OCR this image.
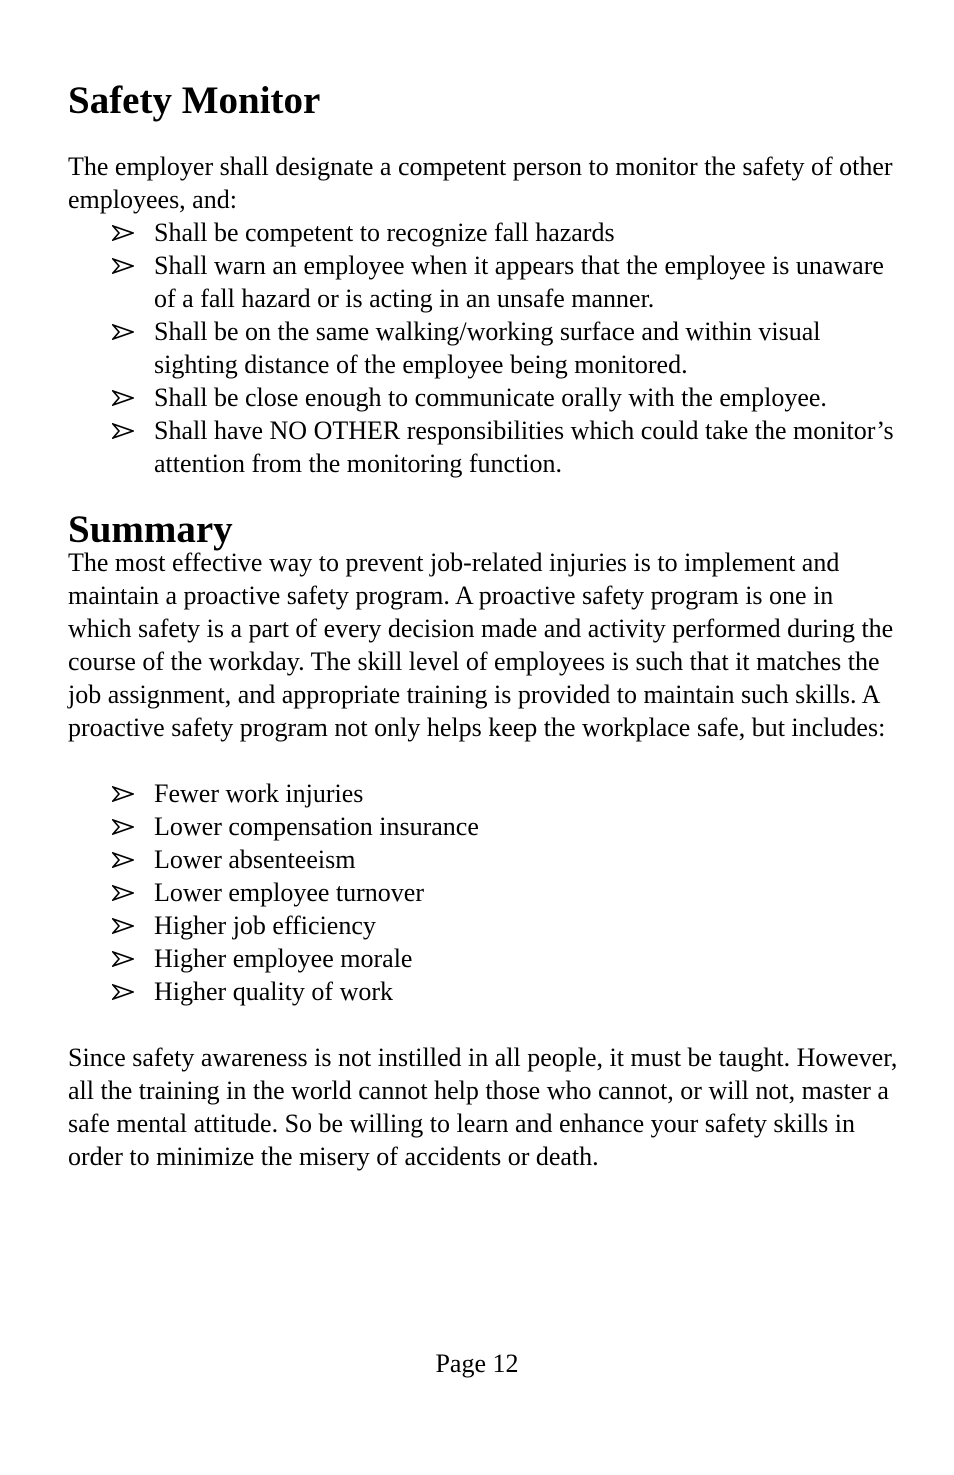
Safety Monitor

The employer shall designate a competent person to monitor the safety of other employees, and:

Shall be competent to recognize fall hazards
Shall warn an employee when it appears that the employee is unaware of a fall hazard or is acting in an unsafe manner.
Shall be on the same walking/working surface and within visual sighting distance of the employee being monitored.
Shall be close enough to communicate orally with the employee.
Shall have NO OTHER responsibilities which could take the monitor’s attention from the monitoring function.
Summary

The most effective way to prevent job-related injuries is to implement and maintain a proactive safety program. A proactive safety program is one in which safety is a part of every decision made and activity performed during the course of the workday. The skill level of employees is such that it matches the job assignment, and appropriate training is provided to maintain such skills. A proactive safety program not only helps keep the workplace safe, but includes:

Fewer work injuries
Lower compensation insurance
Lower absenteeism
Lower employee turnover
Higher job efficiency
Higher employee morale
Higher quality of work

Since safety awareness is not instilled in all people, it must be taught. However, all the training in the world cannot help those who cannot, or will not, master a safe mental attitude. So be willing to learn and enhance your safety skills in order to minimize the misery of accidents or death.

Page 12
